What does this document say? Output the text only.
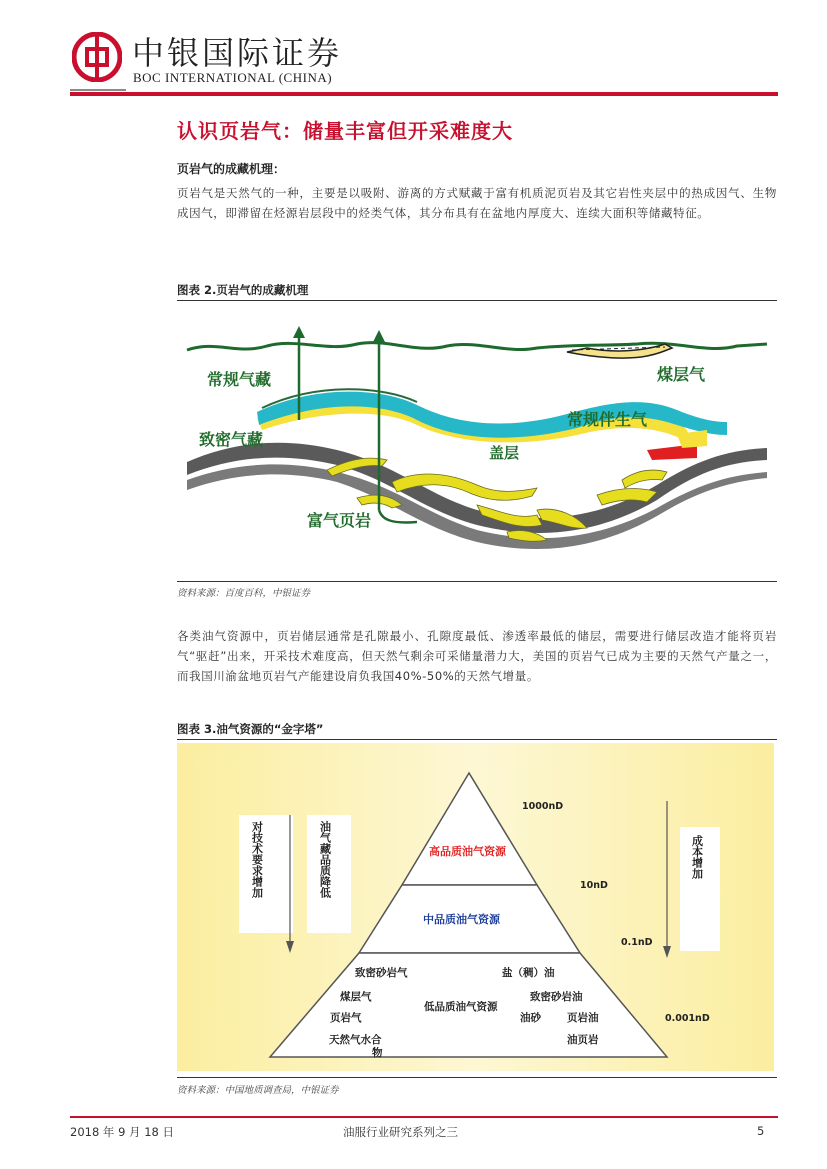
中银国际证券
BOC INTERNATIONAL (CHINA)
认识页岩气：储量丰富但开采难度大
页岩气的成藏机理：
页岩气是天然气的一种，主要是以吸附、游离的方式赋藏于富有机质泥页岩及其它岩性夹层中的热成因气、生物成因气，即滞留在烃源岩层段中的烃类气体，其分布具有在盆地内厚度大、连续大面积等储藏特征。
图表 2.页岩气的成藏机理
常规气藏	煤层气
常规伴生气
致密气藏
盖层
富气页岩
资料来源：百度百科，中银证券
各类油气资源中，页岩储层通常是孔隙最小、孔隙度最低、渗透率最低的储层，需要进行储层改造才能将页岩气“驱赶”出来，开采技术难度高，但天然气剩余可采储量潜力大，美国的页岩气已成为主要的天然气产量之一，而我国川渝盆地页岩气产能建设肩负我国40%-50%的天然气增量。
图表 3.油气资源的“金字塔”
对技术要求增加	油气藏品质降低	成本增加
高品质油气资源
中品质油气资源
低品质油气资源
1000nD
10nD
0.1nD
0.001nD
致密砂岩气
煤层气
页岩气
天然气水合 物
盐（稠）油
致密砂岩油
油砂 页岩油
油页岩
资料来源：中国地质调查局，中银证券
2018 年 9 月 18 日	油服行业研究系列之三	5
